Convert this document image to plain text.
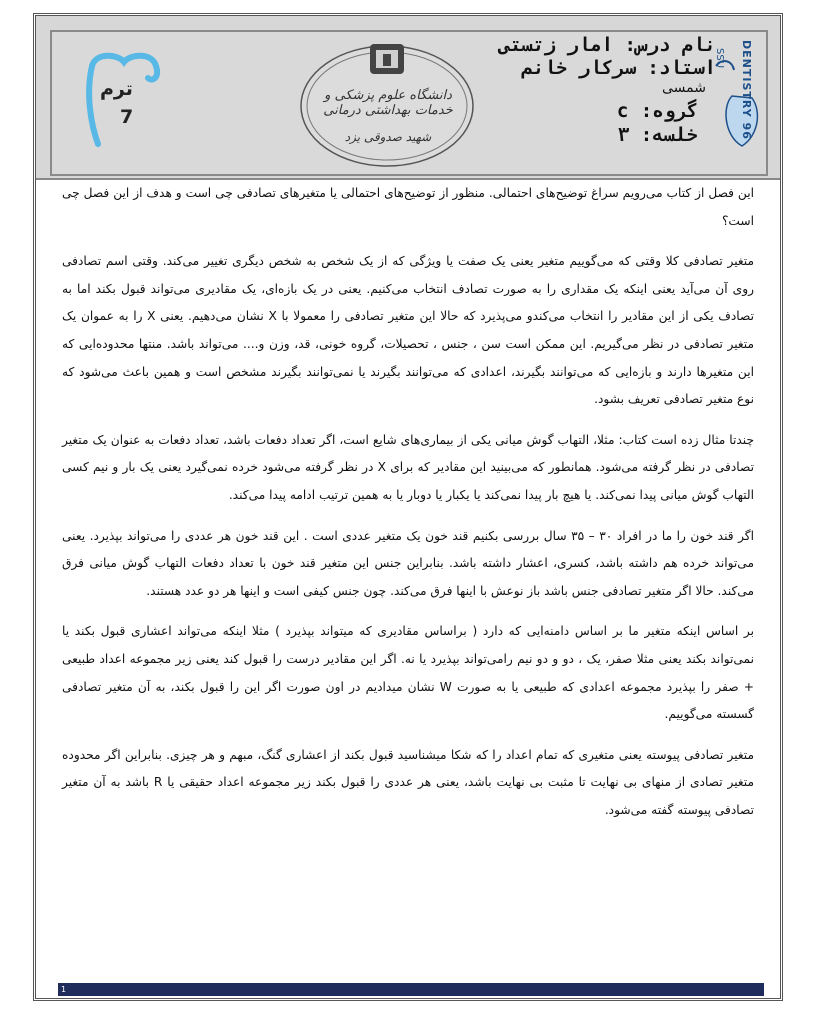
ترم
7
دانشگاه علوم پزشکی و خدمات بهداشتی درمانی
شهید صدوقی یزد
نام درس: امار زتستی
استاد: سرکار خانم
شمسی
گروه: c
خلسه: ۳	DENTISTRY 96
SSU

این فصل از کتاب می‌رویم سراغ توضیح‌های احتمالی. منظور از توضیح‌های احتمالی یا متغیرهای تصادفی چی است و هدف از این فصل چی است؟

متغیر تصادفی کلا وقتی که می‌گوییم متغیر یعنی یک صفت یا ویژگی که از یک شخص به شخص دیگری تغییر می‌کند. وقتی اسم تصادفی روی آن می‌آید یعنی اینکه یک مقداری را به صورت تصادف انتخاب می‌کنیم. یعنی در یک بازه‌ای، یک مقادیری می‌تواند قبول بکند اما به تصادف یکی از این مقادیر را انتخاب می‌کندو می‌پذیرد که حالا این متغیر تصادفی را معمولا با X نشان می‌دهیم. یعنی X را به عموان یک متغیر تصادفی در نظر می‌گیریم. این ممکن است سن ، جنس ، تحصیلات، گروه خونی، قد، وزن و.... می‌تواند باشد. منتها محدوده‌ایی که این متغیرها دارند و بازه‌ایی که می‌توانند بگیرند، اعدادی که می‌توانند بگیرند یا نمی‌توانند بگیرند مشخص است و همین باعث می‌شود که نوع متغیر تصادفی تعریف بشود.

چندتا مثال زده است کتاب: مثلا، التهاب گوش میانی یکی از بیماری‌های شایع است، اگر تعداد دفعات باشد، تعداد دفعات به عنوان یک متغیر تصادفی در نظر گرفته می‌شود. همانطور که می‌بینید این مقادیر که برای X در نظر گرفته می‌شود خرده نمی‌گیرد یعنی یک بار و نیم کسی التهاب گوش میانی پیدا نمی‌کند. یا هیچ بار پیدا نمی‌کند یا یکبار یا دوبار یا به همین ترتیب ادامه پیدا می‌کند.

اگر قند خون را ما در افراد ۳۰ – ۳۵ سال بررسی بکنیم قند خون یک متغیر عددی است . این قند خون هر عددی را می‌تواند بپذیرد. یعنی می‌تواند خرده هم داشته باشد، کسری، اعشار داشته باشد. بنابراین جنس این متغیر قند خون با تعداد دفعات التهاب گوش میانی فرق می‌کند. حالا اگر متغیر تصادفی جنس باشد باز نوعش با اینها فرق می‌کند. چون جنس کیفی است و اینها هر دو عدد هستند.

بر اساس اینکه متغیر ما بر اساس دامنه‌ایی که دارد ( براساس مقادیری که میتواند بپذیرد ) مثلا اینکه می‌تواند اعشاری قبول بکند یا نمی‌تواند بکند یعنی مثلا صفر، یک ، دو و دو نیم رامی‌تواند بپذیرد یا نه. اگر این مقادیر درست را قبول کند یعنی زیر مجموعه اعداد طبیعی + صفر را بپذیرد مجموعه اعدادی که طبیعی یا به صورت W نشان میدادیم در اون صورت اگر این را قبول بکند، به آن متغیر تصادفی گسسته می‌گوییم.

متغیر تصادفی پیوسته یعنی متغیری که تمام اعداد را که شکا میشناسید قبول بکند از اعشاری گنگ، مبهم و هر چیزی. بنابراین اگر محدوده متغیر تصادی از منهای بی نهایت تا مثبت بی نهایت باشد، یعنی هر عددی را قبول بکند زیر مجموعه اعداد حقیقی یا R باشد به آن متغیر تصادفی پیوسته گفته می‌شود.

1
